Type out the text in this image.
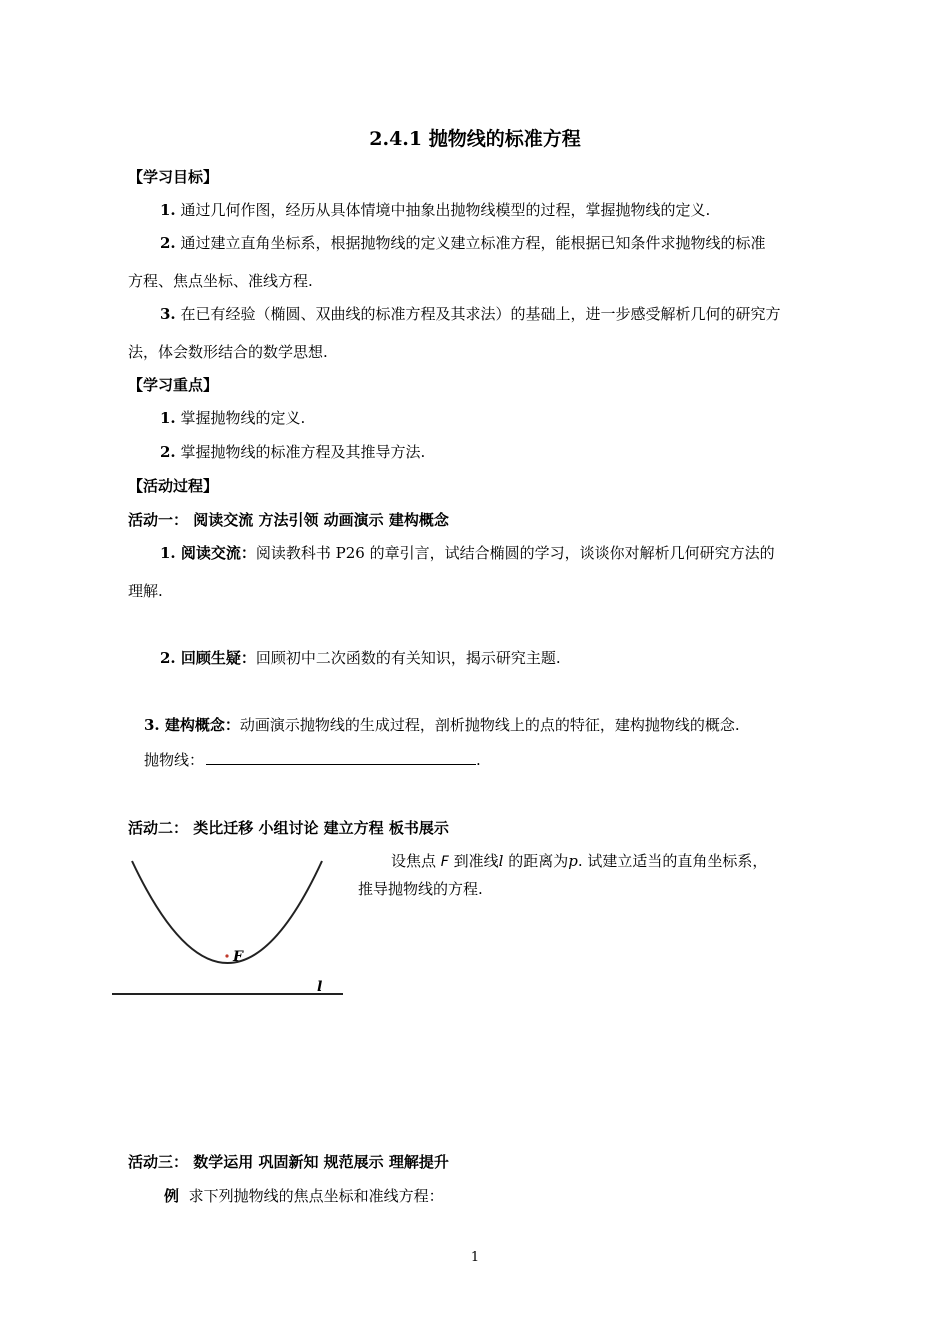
2.4.1 抛物线的标准方程
【学习目标】
1. 通过几何作图，经历从具体情境中抽象出抛物线模型的过程，掌握抛物线的定义.
2. 通过建立直角坐标系，根据抛物线的定义建立标准方程，能根据已知条件求抛物线的标准
方程、焦点坐标、准线方程.
3. 在已有经验（椭圆、双曲线的标准方程及其求法）的基础上，进一步感受解析几何的研究方
法，体会数形结合的数学思想.
【学习重点】
1. 掌握抛物线的定义.
2. 掌握抛物线的标准方程及其推导方法.
【活动过程】
活动一： 阅读交流 方法引领 动画演示 建构概念
1. 阅读交流：阅读教科书 P26 的章引言，试结合椭圆的学习，谈谈你对解析几何研究方法的
理解.
2. 回顾生疑：回顾初中二次函数的有关知识，揭示研究主题.
3. 建构概念：动画演示抛物线的生成过程，剖析抛物线上的点的特征，建构抛物线的概念.
抛物线：	.
活动二： 类比迁移 小组讨论 建立方程 板书展示
F
l
设焦点 F 到准线l 的距离为p. 试建立适当的直角坐标系，
推导抛物线的方程.
活动三： 数学运用 巩固新知 规范展示 理解提升
例 求下列抛物线的焦点坐标和准线方程：
1
